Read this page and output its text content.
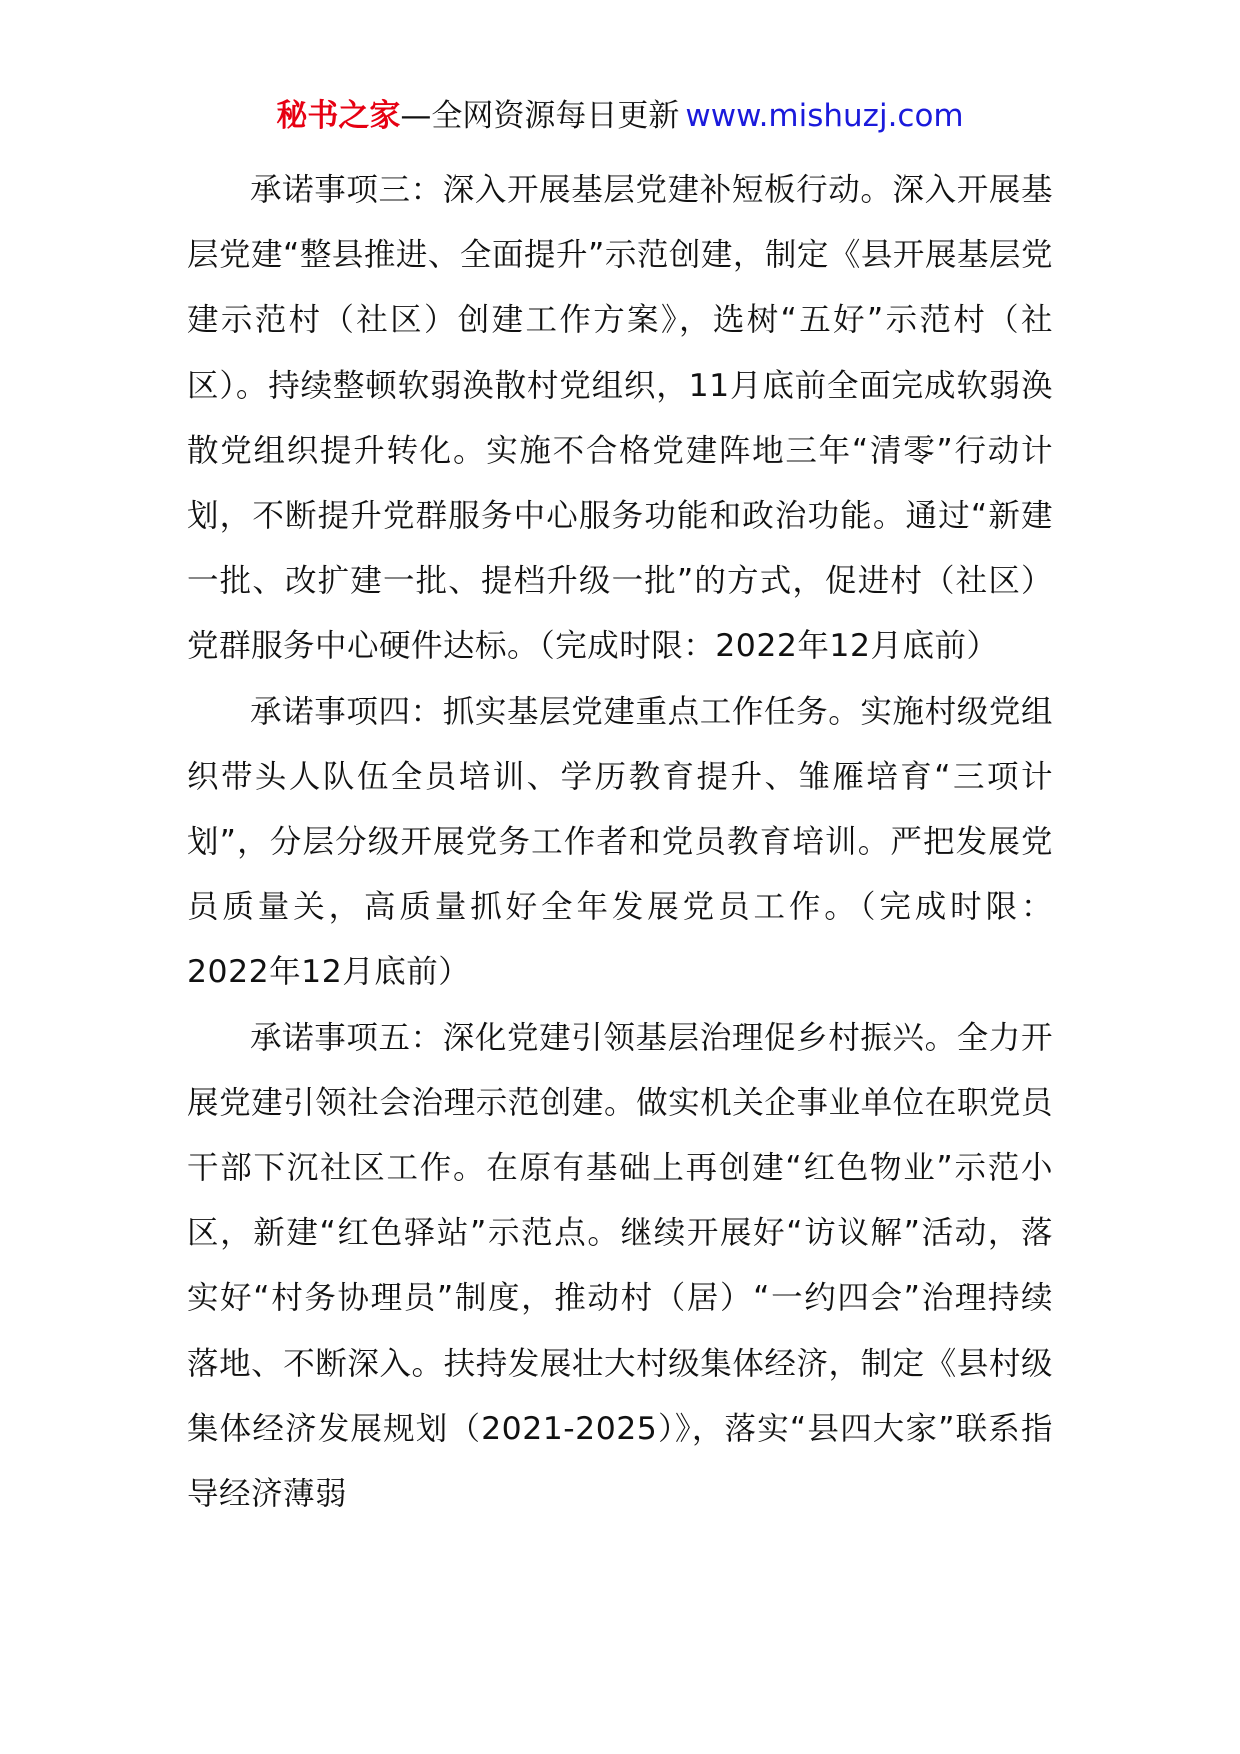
秘书之家—全网资源每日更新 www.mishuzj.com

承诺事项三：深入开展基层党建补短板行动。深入开展基层党建“整县推进、全面提升”示范创建，制定《县开展基层党建示范村（社区）创建工作方案》，选树“五好”示范村（社区）。持续整顿软弱涣散村党组织，11月底前全面完成软弱涣散党组织提升转化。实施不合格党建阵地三年“清零”行动计划，不断提升党群服务中心服务功能和政治功能。通过“新建一批、改扩建一批、提档升级一批”的方式，促进村（社区）党群服务中心硬件达标。（完成时限：2022年12月底前）

承诺事项四：抓实基层党建重点工作任务。实施村级党组织带头人队伍全员培训、学历教育提升、雏雁培育“三项计划”，分层分级开展党务工作者和党员教育培训。严把发展党员质量关，高质量抓好全年发展党员工作。（完成时限：2022年12月底前）

承诺事项五：深化党建引领基层治理促乡村振兴。全力开展党建引领社会治理示范创建。做实机关企事业单位在职党员干部下沉社区工作。在原有基础上再创建“红色物业”示范小区，新建“红色驿站”示范点。继续开展好“访议解”活动，落实好“村务协理员”制度，推动村（居）“一约四会”治理持续落地、不断深入。扶持发展壮大村级集体经济，制定《县村级集体经济发展规划（2021-2025）》，落实“县四大家”联系指导经济薄弱
